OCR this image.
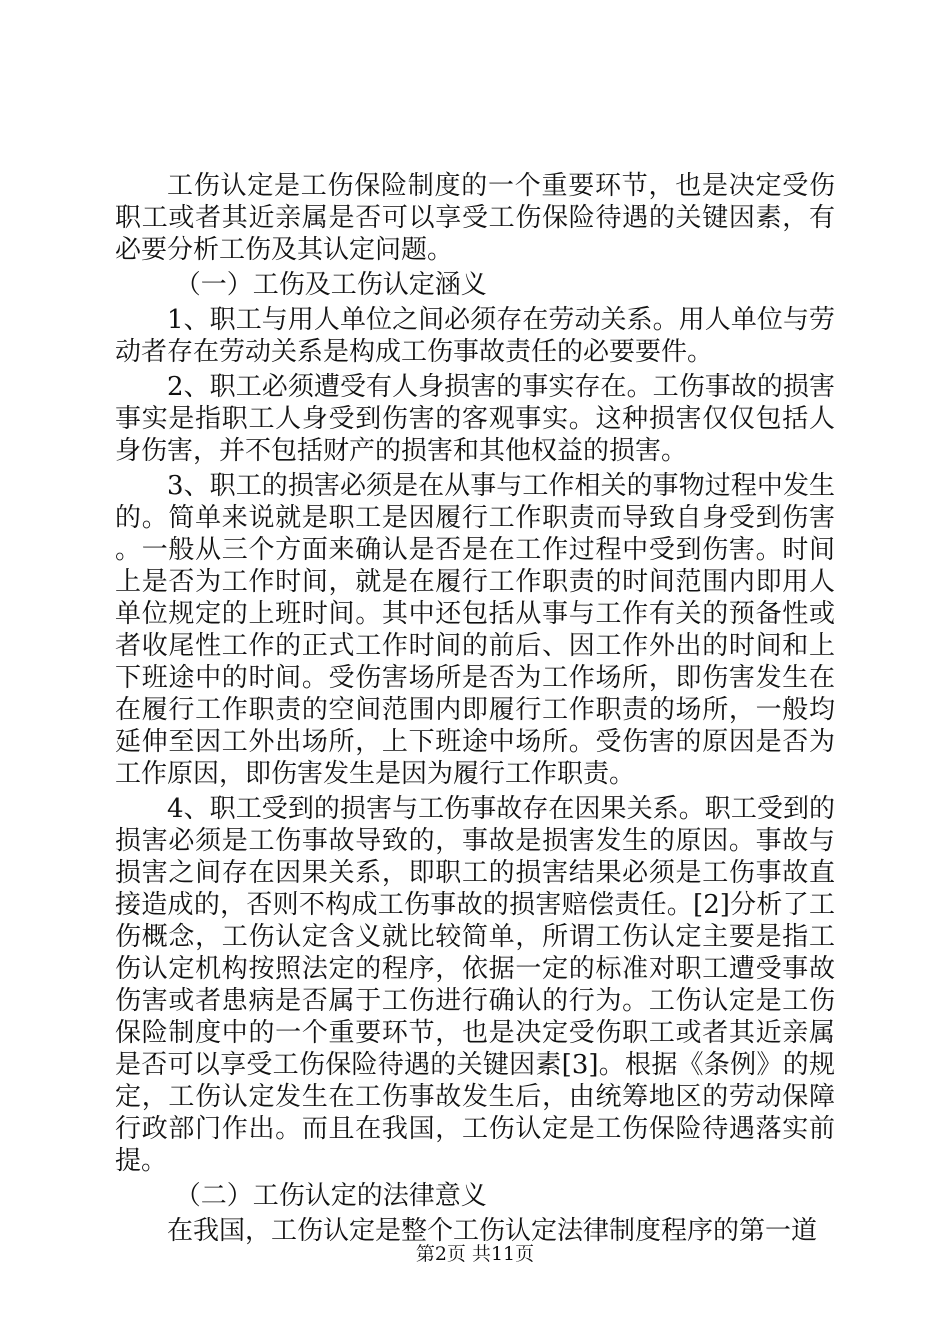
工伤认定是工伤保险制度的一个重要环节，也是决定受伤职工或者其近亲属是否可以享受工伤保险待遇的关键因素，有必要分析工伤及其认定问题。

（一）工伤及工伤认定涵义

1、职工与用人单位之间必须存在劳动关系。用人单位与劳动者存在劳动关系是构成工伤事故责任的必要要件。

2、职工必须遭受有人身损害的事实存在。工伤事故的损害事实是指职工人身受到伤害的客观事实。这种损害仅仅包括人身伤害，并不包括财产的损害和其他权益的损害。

3、职工的损害必须是在从事与工作相关的事物过程中发生的。简单来说就是职工是因履行工作职责而导致自身受到伤害。一般从三个方面来确认是否是在工作过程中受到伤害。时间上是否为工作时间，就是在履行工作职责的时间范围内即用人单位规定的上班时间。其中还包括从事与工作有关的预备性或者收尾性工作的正式工作时间的前后、因工作外出的时间和上下班途中的时间。受伤害场所是否为工作场所，即伤害发生在在履行工作职责的空间范围内即履行工作职责的场所，一般均延伸至因工外出场所，上下班途中场所。受伤害的原因是否为工作原因，即伤害发生是因为履行工作职责。

4、职工受到的损害与工伤事故存在因果关系。职工受到的损害必须是工伤事故导致的，事故是损害发生的原因。事故与损害之间存在因果关系，即职工的损害结果必须是工伤事故直接造成的，否则不构成工伤事故的损害赔偿责任。[2]分析了工伤概念，工伤认定含义就比较简单，所谓工伤认定主要是指工伤认定机构按照法定的程序，依据一定的标准对职工遭受事故伤害或者患病是否属于工伤进行确认的行为。工伤认定是工伤保险制度中的一个重要环节，也是决定受伤职工或者其近亲属是否可以享受工伤保险待遇的关键因素[3]。根据《条例》的规定，工伤认定发生在工伤事故发生后，由统筹地区的劳动保障行政部门作出。而且在我国，工伤认定是工伤保险待遇落实前提。

（二）工伤认定的法律意义

在我国，工伤认定是整个工伤认定法律制度程序的第一道

第2页 共11页
